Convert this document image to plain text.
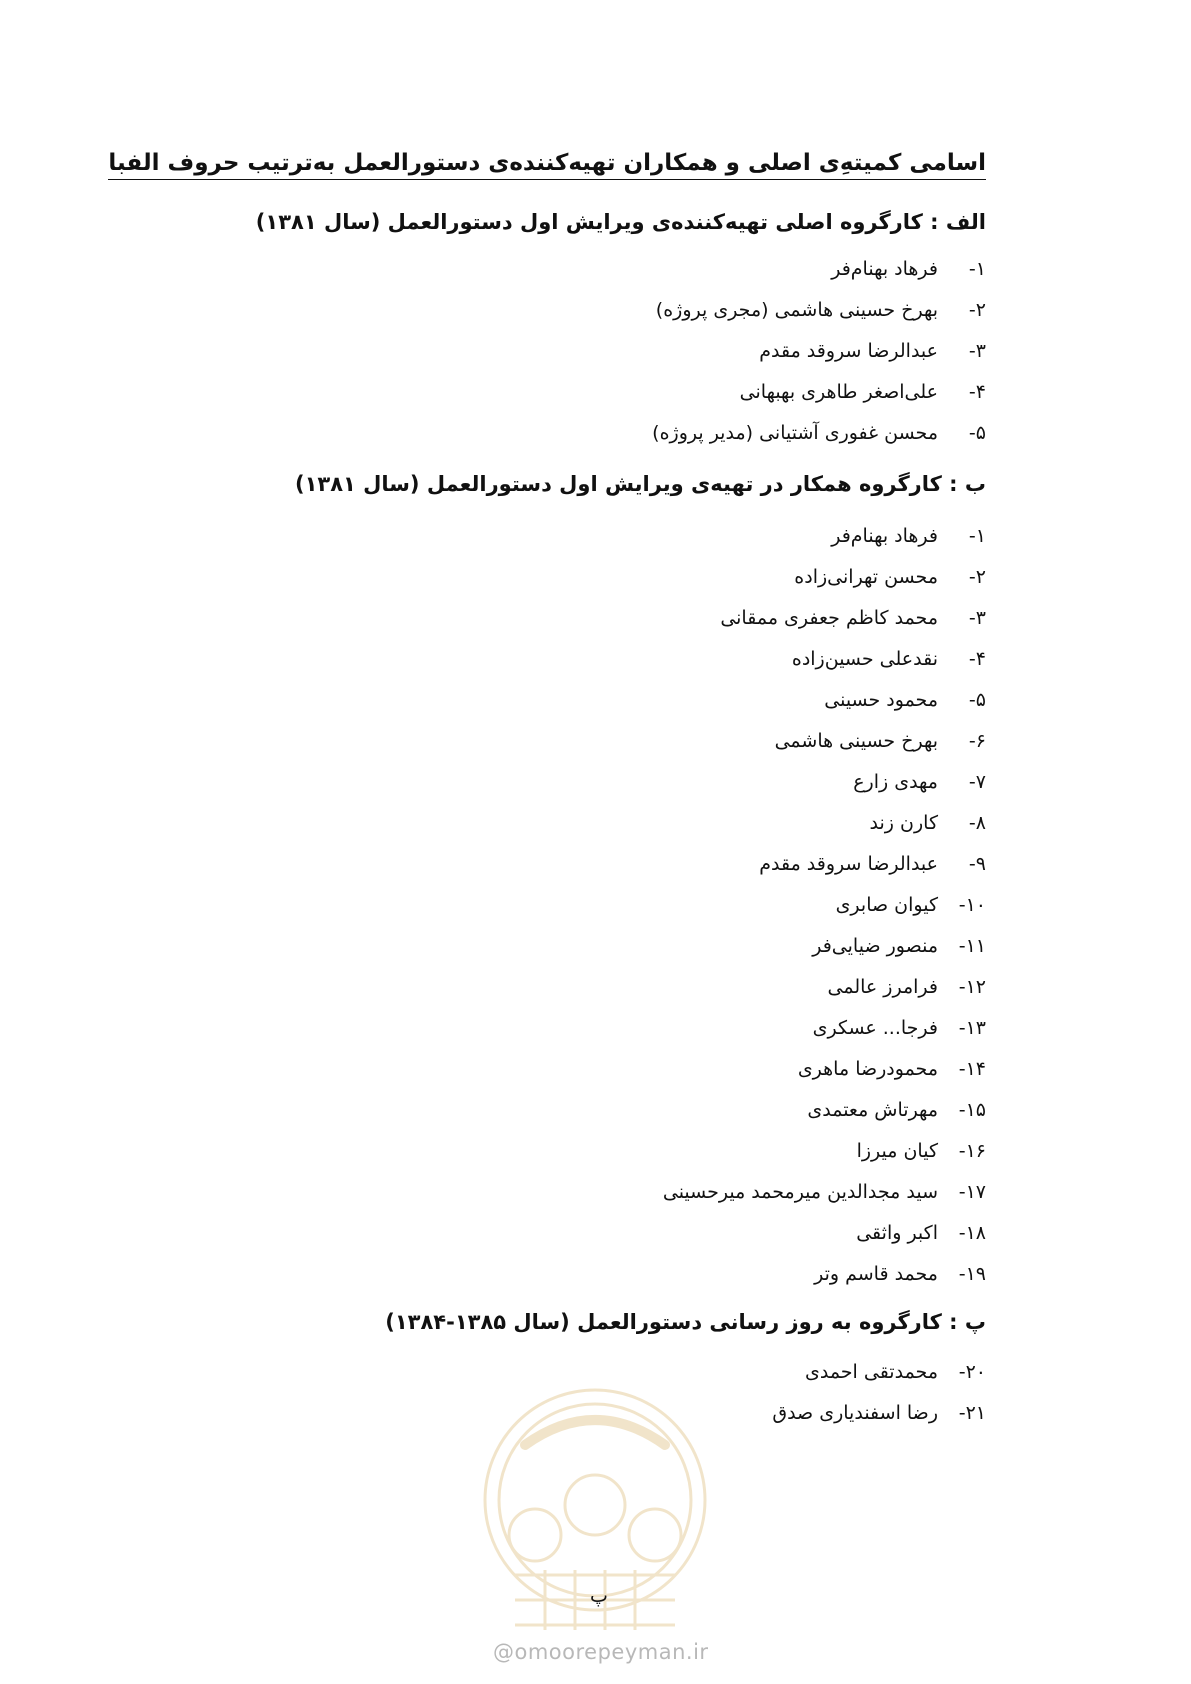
اسامی کمیتهِ‌ی اصلی و همکاران تهیه‌کننده‌ی دستورالعمل به‌ترتیب حروف الفبا
الف : کارگروه اصلی تهیه‌کننده‌ی ویرایش اول دستورالعمل (سال ۱۳۸۱)
۱-فرهاد بهنام‌فر
۲-بهرخ حسینی هاشمی (مجری پروژه)
۳-عبدالرضا سروقد مقدم
۴-علی‌اصغر طاهری بهبهانی
۵-محسن غفوری آشتیانی (مدیر پروژه)
ب : کارگروه همکار در تهیه‌ی ویرایش اول دستورالعمل (سال ۱۳۸۱)
۱-فرهاد بهنام‌فر
۲-محسن تهرانی‌زاده
۳-محمد کاظم جعفری ممقانی
۴-نقدعلی حسین‌زاده
۵-محمود حسینی
۶-بهرخ حسینی هاشمی
۷-مهدی زارع
۸-کارن زند
۹-عبدالرضا سروقد مقدم
۱۰-کیوان صابری
۱۱-منصور ضیایی‌فر
۱۲-فرامرز عالمی
۱۳-فرجا... عسکری
۱۴-محمودرضا ماهری
۱۵-مهرتاش معتمدی
۱۶-کیان میرزا
۱۷-سید مجدالدین میرمحمد میرحسینی
۱۸-اکبر واثقی
۱۹-محمد قاسم وتر
پ : کارگروه به روز رسانی دستورالعمل (سال ۱۳۸۵-۱۳۸۴)
۲۰-محمدتقی احمدی
۲۱-رضا اسفندیاری صدق
پ
@omoorepeyman.ir
